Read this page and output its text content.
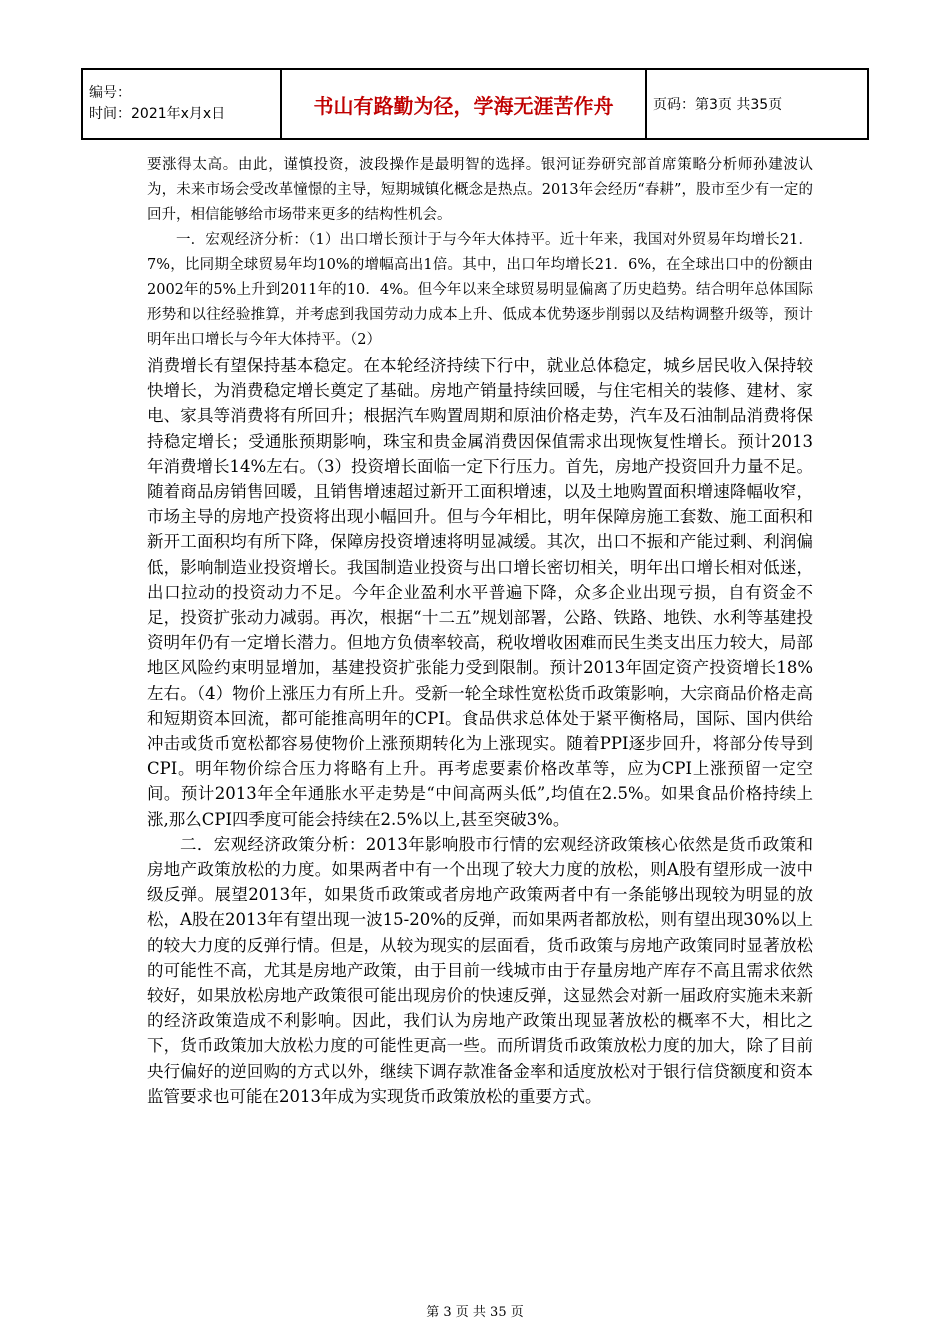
编号：
时间：2021年x月x日	书山有路勤为径，学海无涯苦作舟	页码：第3页 共35页

要涨得太高。由此，谨慎投资，波段操作是最明智的选择。银河证券研究部首席策略分析师孙建波认为，未来市场会受改革憧憬的主导，短期城镇化概念是热点。2013年会经历“春耕”，股市至少有一定的回升，相信能够给市场带来更多的结构性机会。

一．宏观经济分析：（1）出口增长预计于与今年大体持平。近十年来，我国对外贸易年均增长21．7%，比同期全球贸易年均10%的增幅高出1倍。其中，出口年均增长21．6%，在全球出口中的份额由2002年的5%上升到2011年的10．4%。但今年以来全球贸易明显偏离了历史趋势。结合明年总体国际形势和以往经验推算，并考虑到我国劳动力成本上升、低成本优势逐步削弱以及结构调整升级等，预计明年出口增长与今年大体持平。（2）

消费增长有望保持基本稳定。在本轮经济持续下行中，就业总体稳定，城乡居民收入保持较快增长，为消费稳定增长奠定了基础。房地产销量持续回暖，与住宅相关的装修、建材、家电、家具等消费将有所回升；根据汽车购置周期和原油价格走势，汽车及石油制品消费将保持稳定增长；受通胀预期影响，珠宝和贵金属消费因保值需求出现恢复性增长。预计2013年消费增长14%左右。（3）投资增长面临一定下行压力。首先，房地产投资回升力量不足。随着商品房销售回暖，且销售增速超过新开工面积增速，以及土地购置面积增速降幅收窄，市场主导的房地产投资将出现小幅回升。但与今年相比，明年保障房施工套数、施工面积和新开工面积均有所下降，保障房投资增速将明显减缓。其次，出口不振和产能过剩、利润偏低，影响制造业投资增长。我国制造业投资与出口增长密切相关，明年出口增长相对低迷，出口拉动的投资动力不足。今年企业盈利水平普遍下降，众多企业出现亏损，自有资金不足，投资扩张动力减弱。再次，根据“十二五”规划部署，公路、铁路、地铁、水利等基建投资明年仍有一定增长潜力。但地方负债率较高，税收增收困难而民生类支出压力较大，局部地区风险约束明显增加，基建投资扩张能力受到限制。预计2013年固定资产投资增长18%左右。（4）物价上涨压力有所上升。受新一轮全球性宽松货币政策影响，大宗商品价格走高和短期资本回流，都可能推高明年的CPI。食品供求总体处于紧平衡格局，国际、国内供给冲击或货币宽松都容易使物价上涨预期转化为上涨现实。随着PPI逐步回升，将部分传导到CPI。明年物价综合压力将略有上升。再考虑要素价格改革等，应为CPI上涨预留一定空间。预计2013年全年通胀水平走势是“中间高两头低”,均值在2.5%。如果食品价格持续上涨,那么CPI四季度可能会持续在2.5%以上,甚至突破3%。

二．宏观经济政策分析：2013年影响股市行情的宏观经济政策核心依然是货币政策和房地产政策放松的力度。如果两者中有一个出现了较大力度的放松，则A股有望形成一波中级反弹。展望2013年，如果货币政策或者房地产政策两者中有一条能够出现较为明显的放松，A股在2013年有望出现一波15-20%的反弹，而如果两者都放松，则有望出现30%以上的较大力度的反弹行情。但是，从较为现实的层面看，货币政策与房地产政策同时显著放松的可能性不高，尤其是房地产政策，由于目前一线城市由于存量房地产库存不高且需求依然较好，如果放松房地产政策很可能出现房价的快速反弹，这显然会对新一届政府实施未来新的经济政策造成不利影响。因此，我们认为房地产政策出现显著放松的概率不大，相比之下，货币政策加大放松力度的可能性更高一些。而所谓货币政策放松力度的加大，除了目前央行偏好的逆回购的方式以外，继续下调存款准备金率和适度放松对于银行信贷额度和资本监管要求也可能在2013年成为实现货币政策放松的重要方式。

第 3 页 共 35 页
